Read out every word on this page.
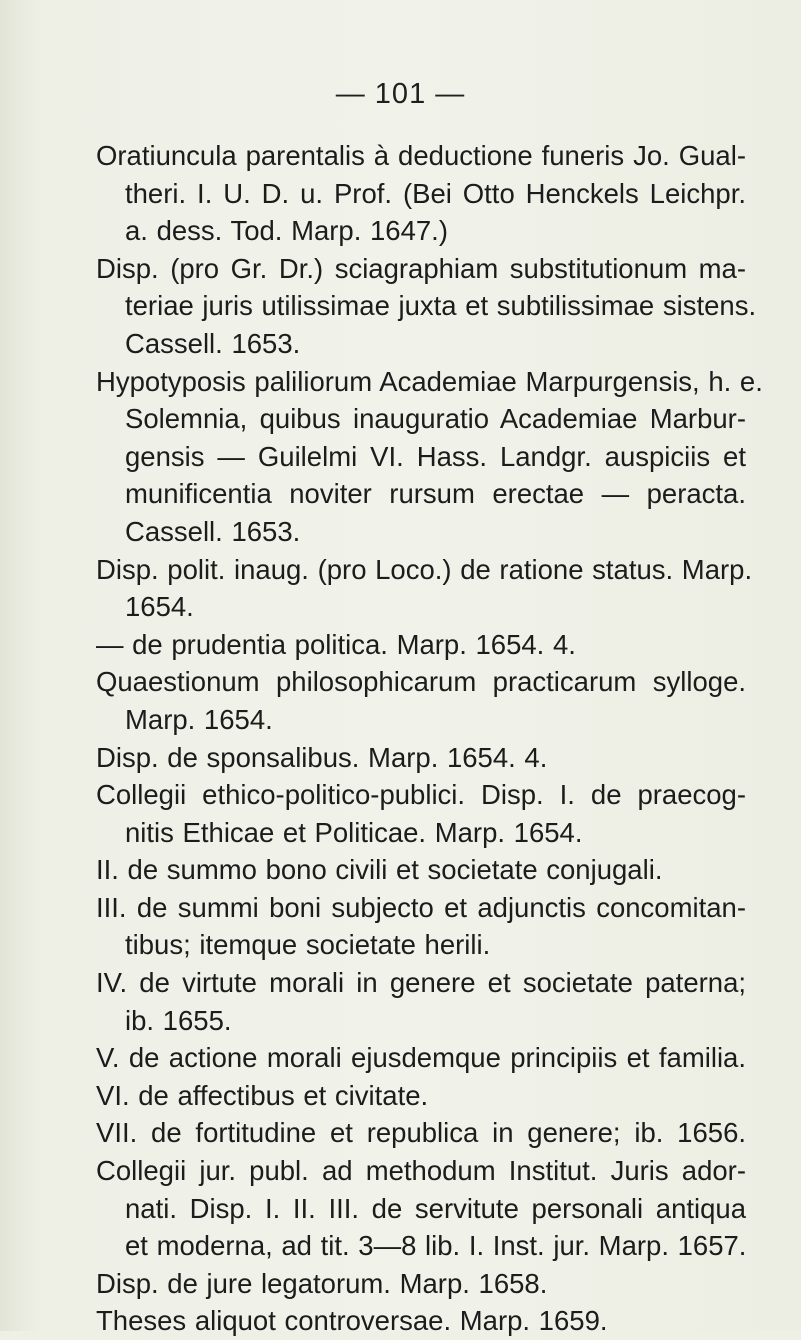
— 101 —
Oratiuncula parentalis à deductione funeris Jo. Gual-
theri. I. U. D. u. Prof. (Bei Otto Henckels Leichpr.
a. dess. Tod. Marp. 1647.)
Disp. (pro Gr. Dr.) sciagraphiam substitutionum ma-
teriae juris utilissimae juxta et subtilissimae sistens.
Cassell. 1653.
Hypotyposis paliliorum Academiae Marpurgensis, h. e.
Solemnia, quibus inauguratio Academiae Marbur-
gensis — Guilelmi VI. Hass. Landgr. auspiciis et
munificentia noviter rursum erectae — peracta.
Cassell. 1653.
Disp. polit. inaug. (pro Loco.) de ratione status. Marp.
1654.
— de prudentia politica. Marp. 1654. 4.
Quaestionum philosophicarum practicarum sylloge.
Marp. 1654.
Disp. de sponsalibus. Marp. 1654. 4.
Collegii ethico-politico-publici. Disp. I. de praecog-
nitis Ethicae et Politicae. Marp. 1654.
II. de summo bono civili et societate conjugali.
III. de summi boni subjecto et adjunctis concomitan-
tibus; itemque societate herili.
IV. de virtute morali in genere et societate paterna;
ib. 1655.
V. de actione morali ejusdemque principiis et familia.
VI. de affectibus et civitate.
VII. de fortitudine et republica in genere; ib. 1656.
Collegii jur. publ. ad methodum Institut. Juris ador-
nati. Disp. I. II. III. de servitute personali antiqua
et moderna, ad tit. 3—8 lib. I. Inst. jur. Marp. 1657.
Disp. de jure legatorum. Marp. 1658.
Theses aliquot controversae. Marp. 1659.
